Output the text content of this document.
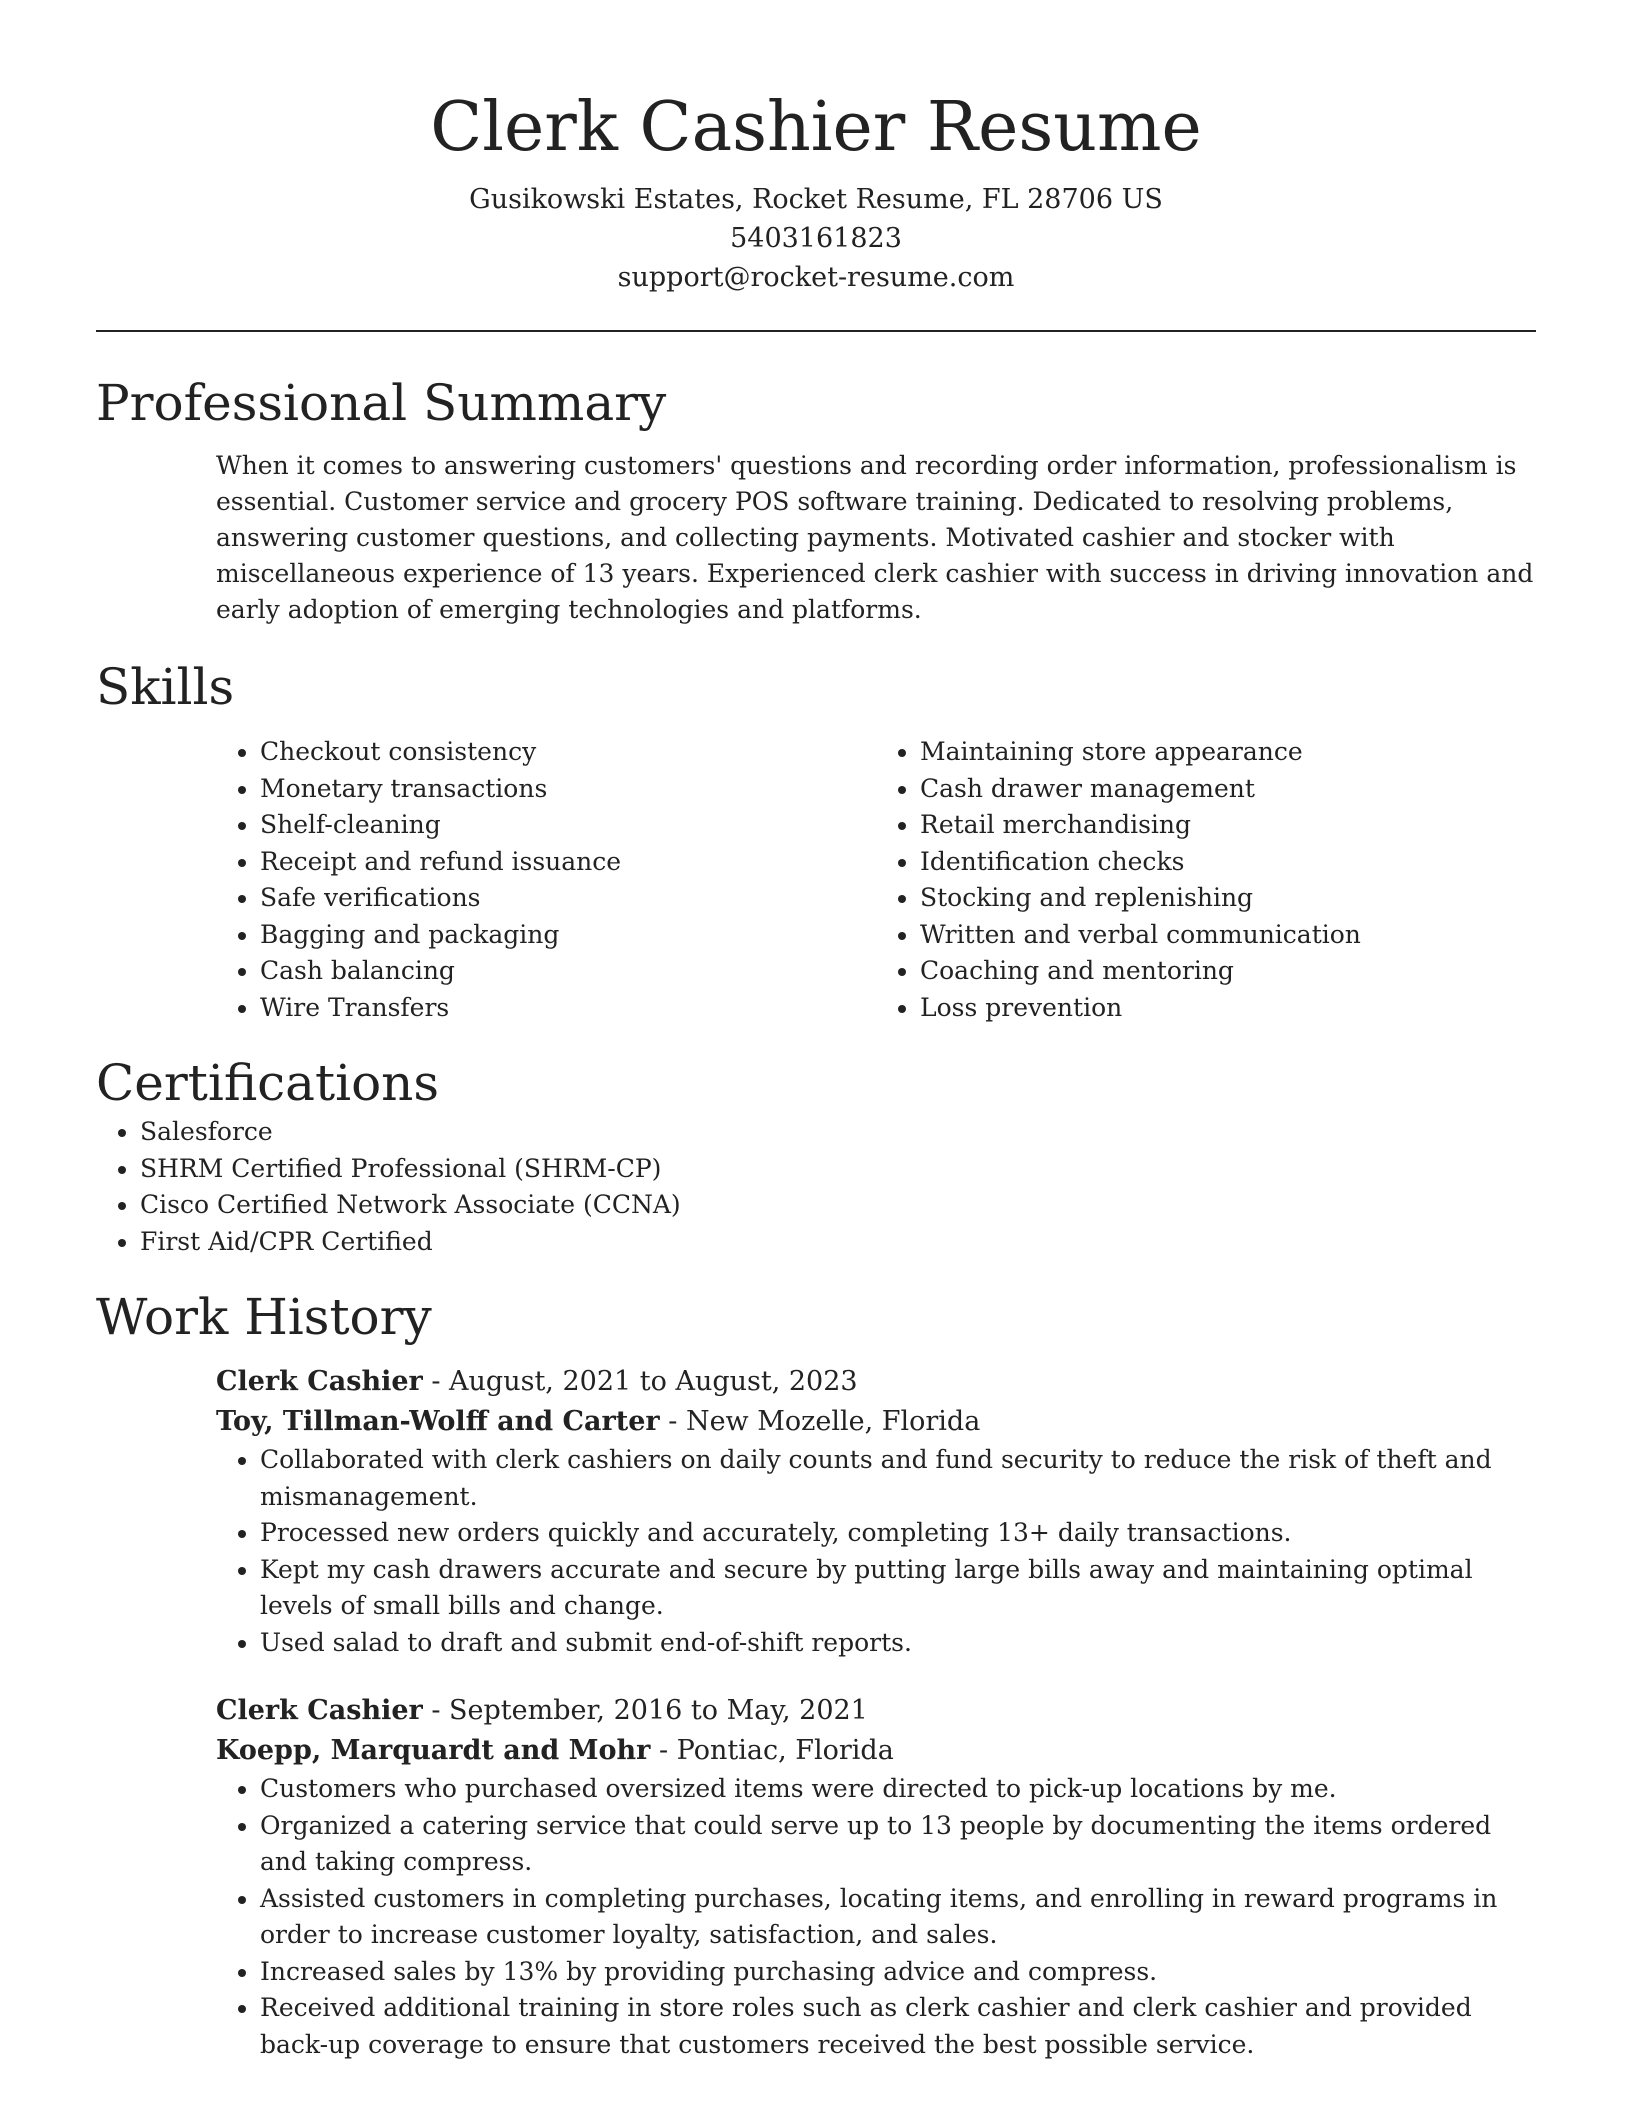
Clerk Cashier Resume
Gusikowski Estates, Rocket Resume, FL 28706 US
5403161823
support@rocket-resume.com
Professional Summary

When it comes to answering customers' questions and recording order information, professionalism is essential. Customer service and grocery POS software training. Dedicated to resolving problems, answering customer questions, and collecting payments. Motivated cashier and stocker with miscellaneous experience of 13 years. Experienced clerk cashier with success in driving innovation and early adoption of emerging technologies and platforms.

Skills
• Checkout consistency
• Monetary transactions
• Shelf-cleaning
• Receipt and refund issuance
• Safe verifications
• Bagging and packaging
• Cash balancing
• Wire Transfers
• Maintaining store appearance
• Cash drawer management
• Retail merchandising
• Identification checks
• Stocking and replenishing
• Written and verbal communication
• Coaching and mentoring
• Loss prevention
Certifications
• Salesforce
• SHRM Certified Professional (SHRM-CP)
• Cisco Certified Network Associate (CCNA)
• First Aid/CPR Certified
Work History
Clerk Cashier - August, 2021 to August, 2023
Toy, Tillman-Wolff and Carter - New Mozelle, Florida
• Collaborated with clerk cashiers on daily counts and fund security to reduce the risk of theft and mismanagement.
• Processed new orders quickly and accurately, completing 13+ daily transactions.
• Kept my cash drawers accurate and secure by putting large bills away and maintaining optimal levels of small bills and change.
• Used salad to draft and submit end-of-shift reports.
Clerk Cashier - September, 2016 to May, 2021
Koepp, Marquardt and Mohr - Pontiac, Florida
• Customers who purchased oversized items were directed to pick-up locations by me.
• Organized a catering service that could serve up to 13 people by documenting the items ordered and taking compress.
• Assisted customers in completing purchases, locating items, and enrolling in reward programs in order to increase customer loyalty, satisfaction, and sales.
• Increased sales by 13% by providing purchasing advice and compress.
• Received additional training in store roles such as clerk cashier and clerk cashier and provided back-up coverage to ensure that customers received the best possible service.
